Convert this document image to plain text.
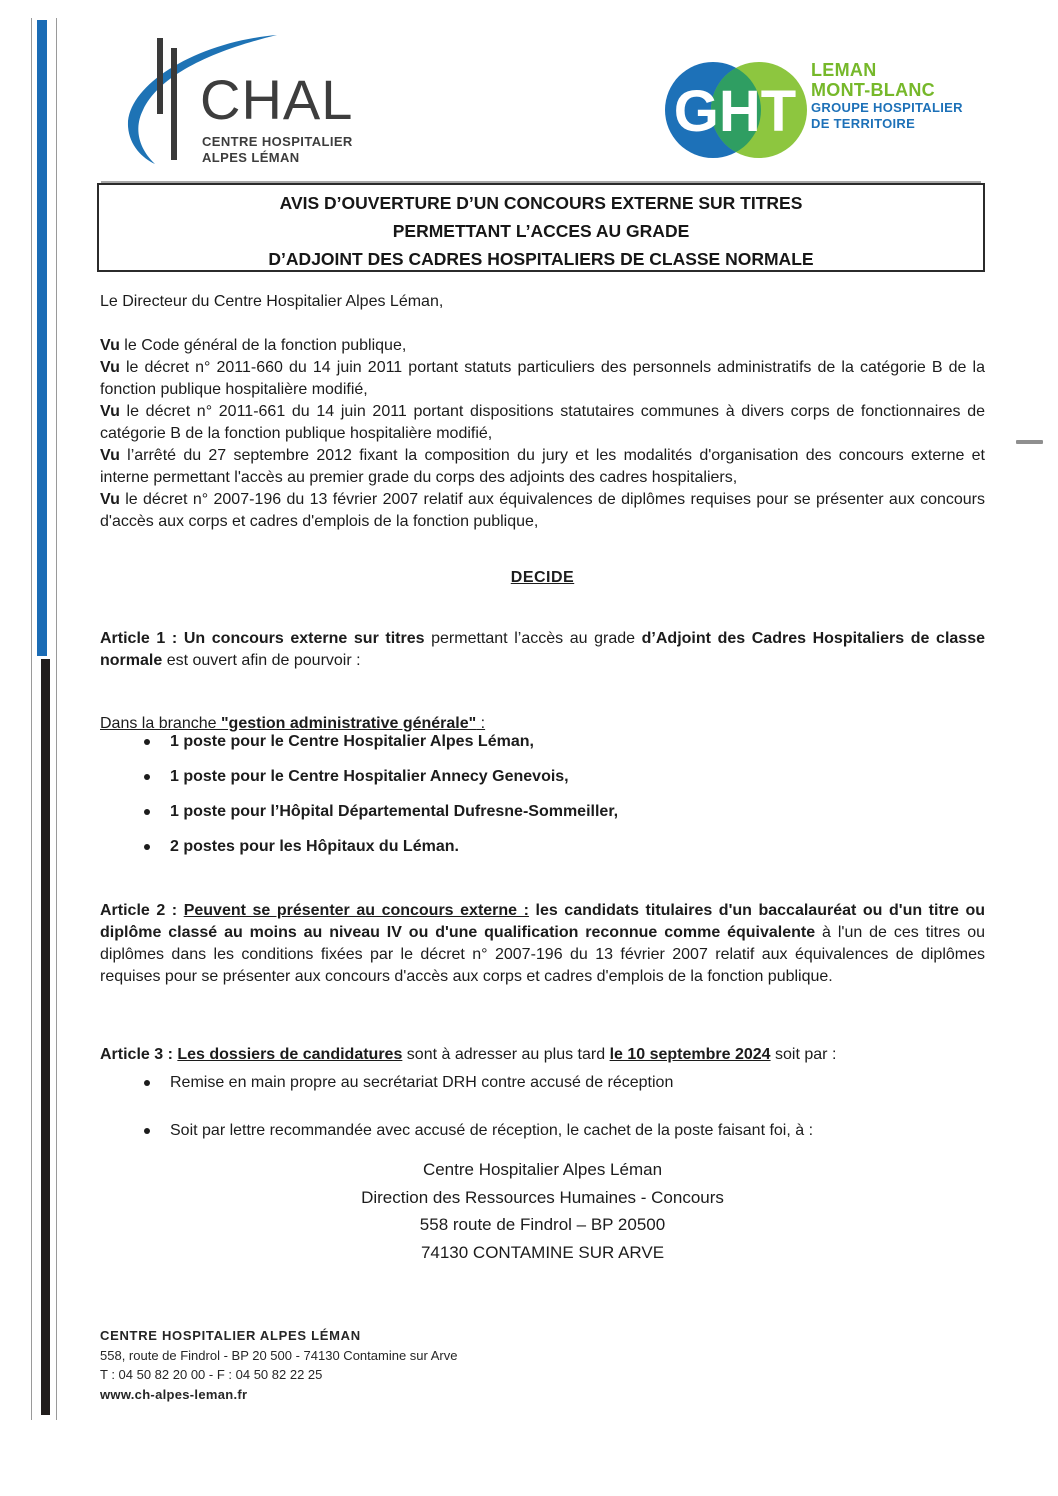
CHAL
CENTRE HOSPITALIER
ALPES LÉMAN
GHT
LEMAN
MONT-BLANC
GROUPE HOSPITALIER
DE TERRITOIRE
AVIS D’OUVERTURE D’UN CONCOURS EXTERNE SUR TITRES
PERMETTANT L’ACCES AU GRADE
D’ADJOINT DES CADRES HOSPITALIERS DE CLASSE NORMALE
Le Directeur du Centre Hospitalier Alpes Léman,

Vu le Code général de la fonction publique,

Vu le décret n° 2011-660 du 14 juin 2011 portant statuts particuliers des personnels administratifs de la catégorie B de la fonction publique hospitalière modifié,

Vu le décret n° 2011-661 du 14 juin 2011 portant dispositions statutaires communes à divers corps de fonctionnaires de catégorie B de la fonction publique hospitalière modifié,

Vu l’arrêté du 27 septembre 2012 fixant la composition du jury et les modalités d'organisation des concours externe et interne permettant l'accès au premier grade du corps des adjoints des cadres hospitaliers,

Vu le décret n° 2007-196 du 13 février 2007 relatif aux équivalences de diplômes requises pour se présenter aux concours d'accès aux corps et cadres d'emplois de la fonction publique,

DECIDE

Article 1 : Un concours externe sur titres permettant l’accès au grade d’Adjoint des Cadres Hospitaliers de classe normale est ouvert afin de pourvoir :

Dans la branche "gestion administrative générale" :

1 poste pour le Centre Hospitalier Alpes Léman,
1 poste pour le Centre Hospitalier Annecy Genevois,
1 poste pour l’Hôpital Départemental Dufresne-Sommeiller,
2 postes pour les Hôpitaux du Léman.

Article 2 : Peuvent se présenter au concours externe : les candidats titulaires d'un baccalauréat ou d'un titre ou diplôme classé au moins au niveau IV ou d'une qualification reconnue comme équivalente à l'un de ces titres ou diplômes dans les conditions fixées par le décret n° 2007-196 du 13 février 2007 relatif aux équivalences de diplômes requises pour se présenter aux concours d'accès aux corps et cadres d'emplois de la fonction publique.

Article 3 : Les dossiers de candidatures sont à adresser au plus tard le 10 septembre 2024 soit par :

Remise en main propre au secrétariat DRH contre accusé de réception
Soit par lettre recommandée avec accusé de réception, le cachet de la poste faisant foi, à :
Centre Hospitalier Alpes Léman
Direction des Ressources Humaines - Concours
558 route de Findrol – BP 20500
74130 CONTAMINE SUR ARVE
CENTRE HOSPITALIER ALPES LÉMAN
558, route de Findrol - BP 20 500 - 74130 Contamine sur Arve
T : 04 50 82 20 00 - F : 04 50 82 22 25
www.ch-alpes-leman.fr
